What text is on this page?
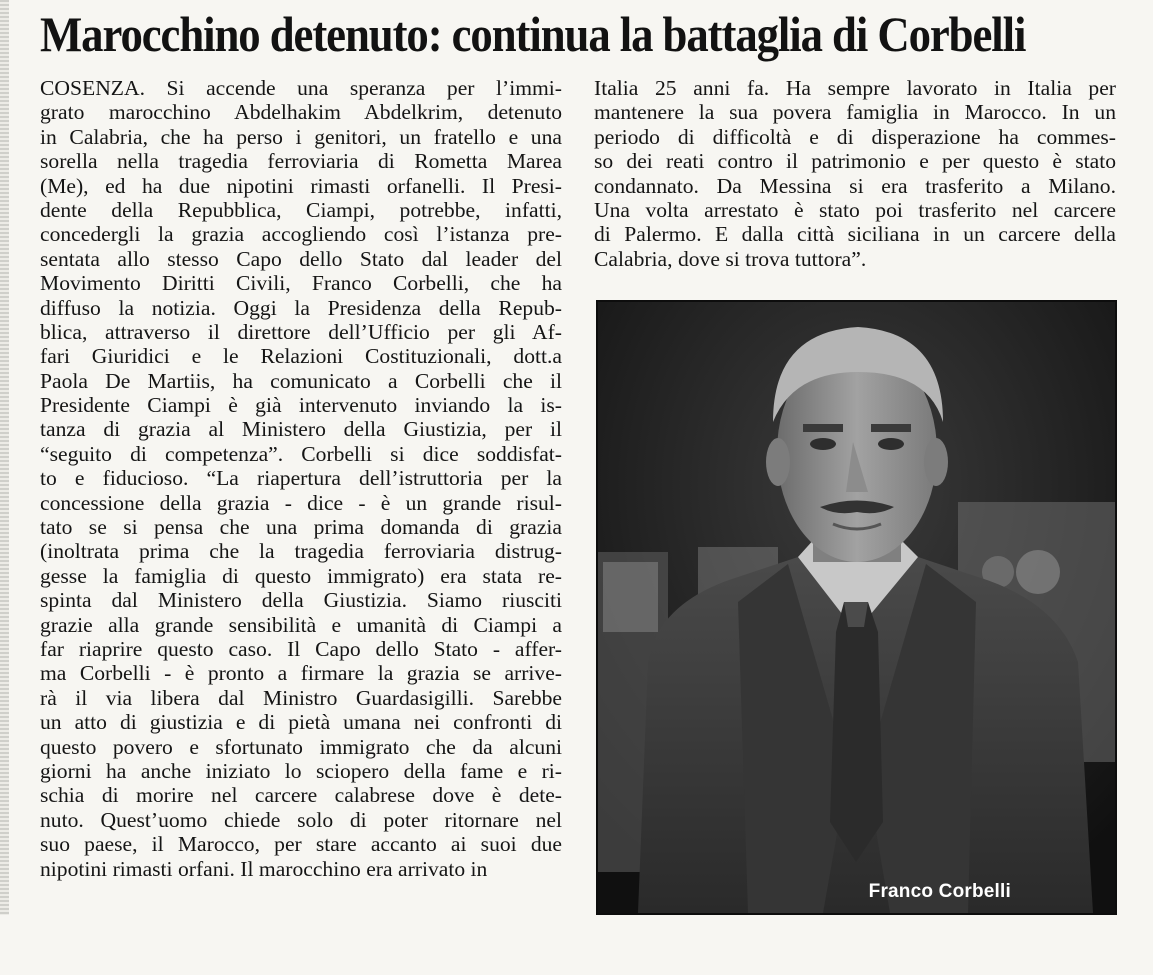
Marocchino detenuto: continua la battaglia di Corbelli
COSENZA. Si accende una speranza per l’immi-
grato marocchino Abdelhakim Abdelkrim, detenuto
in Calabria, che ha perso i genitori, un fratello e una
sorella nella tragedia ferroviaria di Rometta Marea
(Me), ed ha due nipotini rimasti orfanelli. Il Presi-
dente della Repubblica, Ciampi, potrebbe, infatti,
concedergli la grazia accogliendo così l’istanza pre-
sentata allo stesso Capo dello Stato dal leader del
Movimento Diritti Civili, Franco Corbelli, che ha
diffuso la notizia. Oggi la Presidenza della Repub-
blica, attraverso il direttore dell’Ufficio per gli Af-
fari Giuridici e le Relazioni Costituzionali, dott.a
Paola De Martiis, ha comunicato a Corbelli che il
Presidente Ciampi è già intervenuto inviando la is-
tanza di grazia al Ministero della Giustizia, per il
“seguito di competenza”. Corbelli si dice soddisfat-
to e fiducioso. “La riapertura dell’istruttoria per la
concessione della grazia - dice - è un grande risul-
tato se si pensa che una prima domanda di grazia
(inoltrata prima che la tragedia ferroviaria distrug-
gesse la famiglia di questo immigrato) era stata re-
spinta dal Ministero della Giustizia. Siamo riusciti
grazie alla grande sensibilità e umanità di Ciampi a
far riaprire questo caso. Il Capo dello Stato - affer-
ma Corbelli - è pronto a firmare la grazia se arrive-
rà il via libera dal Ministro Guardasigilli. Sarebbe
un atto di giustizia e di pietà umana nei confronti di
questo povero e sfortunato immigrato che da alcuni
giorni ha anche iniziato lo sciopero della fame e ri-
schia di morire nel carcere calabrese dove è dete-
nuto. Quest’uomo chiede solo di poter ritornare nel
suo paese, il Marocco, per stare accanto ai suoi due
nipotini rimasti orfani. Il marocchino era arrivato in
Italia 25 anni fa. Ha sempre lavorato in Italia per
mantenere la sua povera famiglia in Marocco. In un
periodo di difficoltà e di disperazione ha commes-
so dei reati contro il patrimonio e per questo è stato
condannato. Da Messina si era trasferito a Milano.
Una volta arrestato è stato poi trasferito nel carcere
di Palermo. E dalla città siciliana in un carcere della
Calabria, dove si trova tuttora”.
Franco Corbelli
